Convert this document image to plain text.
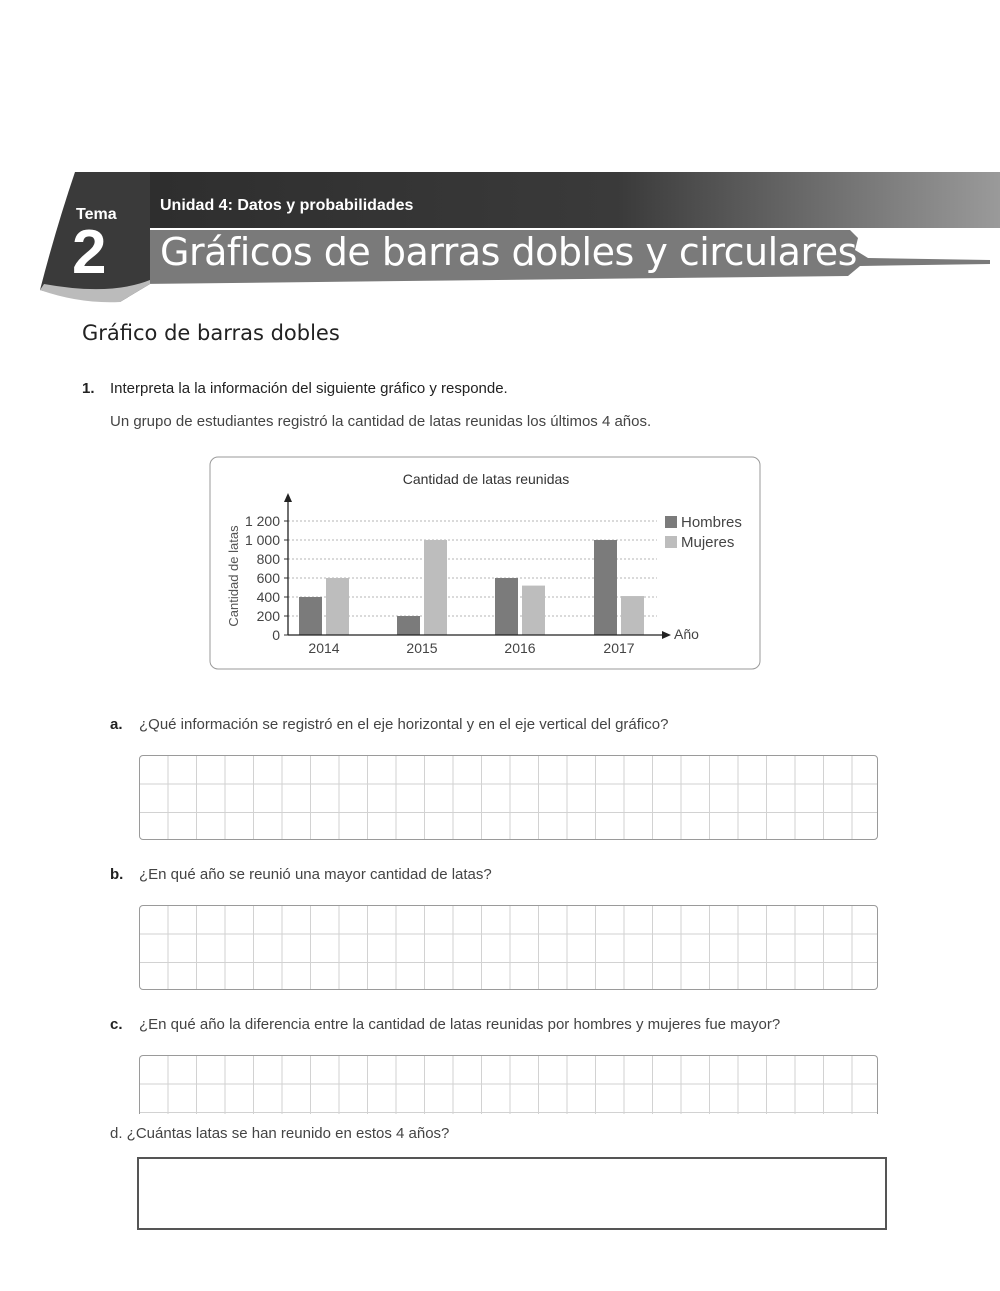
Unidad 4: Datos y probabilidades
Tema
2 Gráficos de barras dobles y circulares
Gráfico de barras dobles
1. Interpreta la la información del siguiente gráfico y responde.
Un grupo de estudiantes registró la cantidad de latas reunidas los últimos 4 años.
Cantidad de latas reunidas
Cantidad de latas
Año
0
200
400
600
800
1 000
1 200
2014	2015	2016	2017
Hombres
Mujeres
a. ¿Qué información se registró en el eje horizontal y en el eje vertical del gráfico?
b. ¿En qué año se reunió una mayor cantidad de latas?
c. ¿En qué año la diferencia entre la cantidad de latas reunidas por hombres y mujeres fue mayor?
d. ¿Cuántas latas se han reunido en estos 4 años?
